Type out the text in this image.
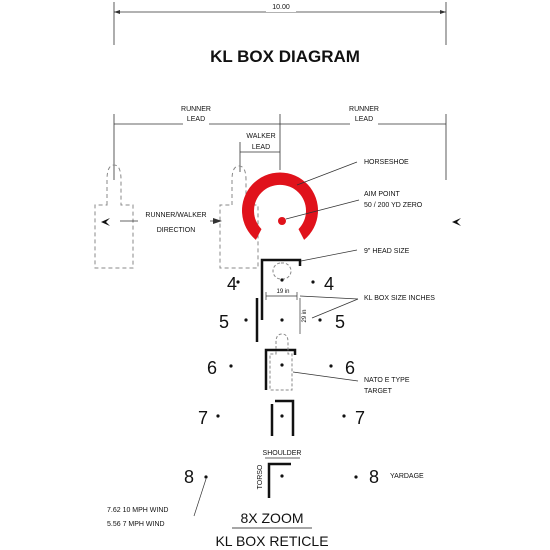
10.00
KL BOX DIAGRAM
RUNNER
LEAD
RUNNER
LEAD
WALKER
LEAD
RUNNER/WALKER
DIRECTION
HORSESHOE
AIM POINT
50 / 200 YD ZERO
9" HEAD SIZE
4	4
19 in
29 in
KL BOX SIZE INCHES
5	5
6	6
NATO E TYPE
TARGET
7	7
SHOULDER
TORSO
8	8 YARDAGE
7.62 10 MPH WIND
5.56 7 MPH WIND	8X ZOOM
KL BOX RETICLE
